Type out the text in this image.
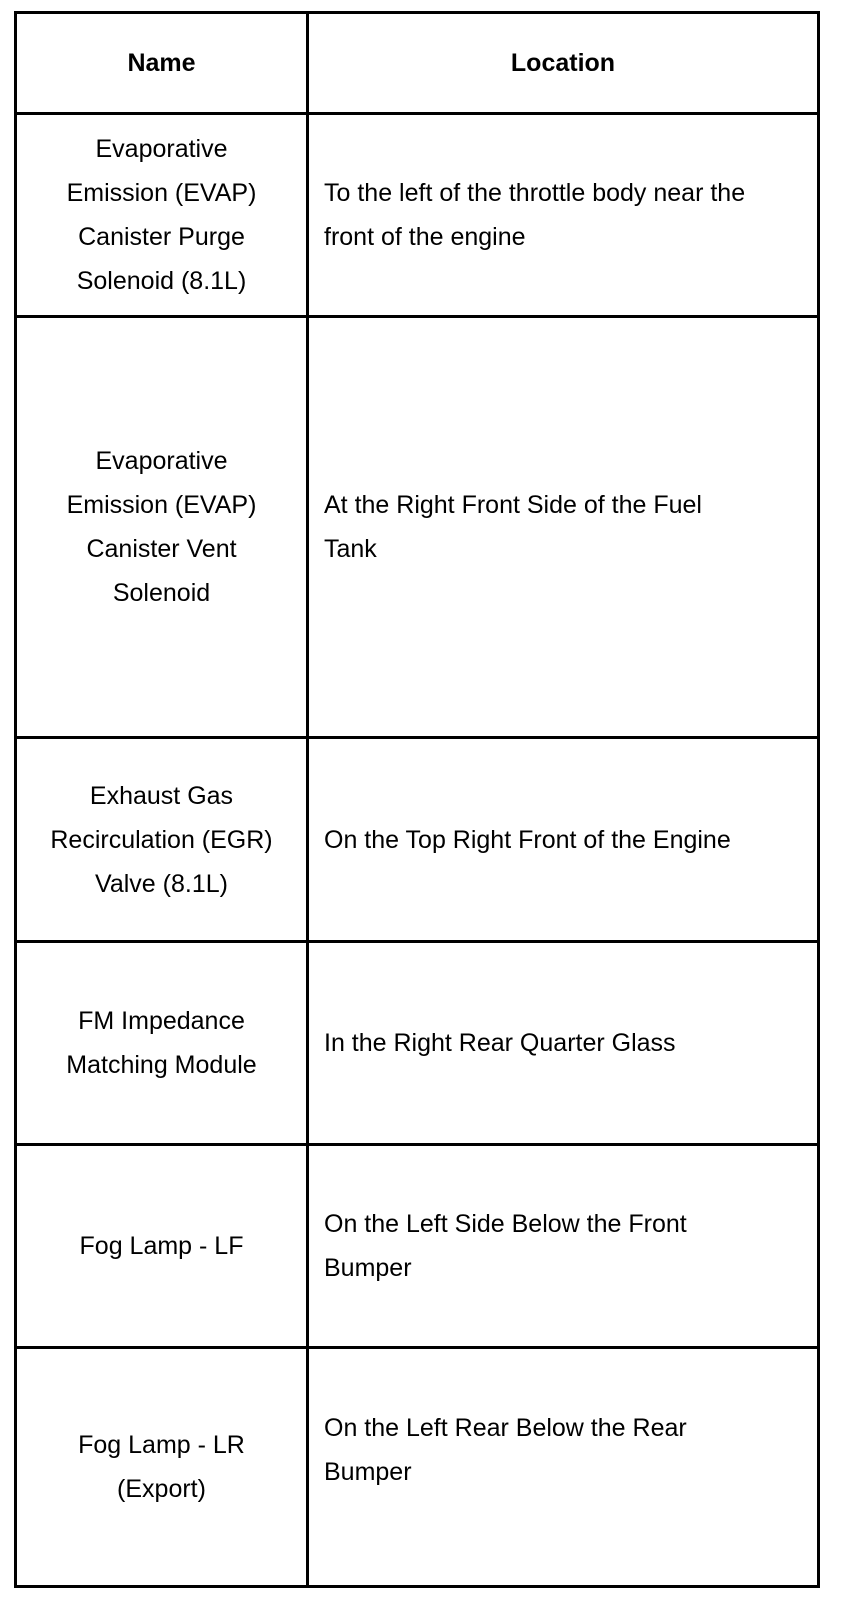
Name	Location
Evaporative Emission (EVAP) Canister Purge Solenoid (8.1L)	To the left of the throttle body near the front of the engine
Evaporative Emission (EVAP) Canister Vent Solenoid	At the Right Front Side of the Fuel Tank
Exhaust Gas Recirculation (EGR) Valve (8.1L)	On the Top Right Front of the Engine
FM Impedance Matching Module	In the Right Rear Quarter Glass
Fog Lamp - LF	On the Left Side Below the Front Bumper
Fog Lamp - LR (Export)	On the Left Rear Below the Rear Bumper
